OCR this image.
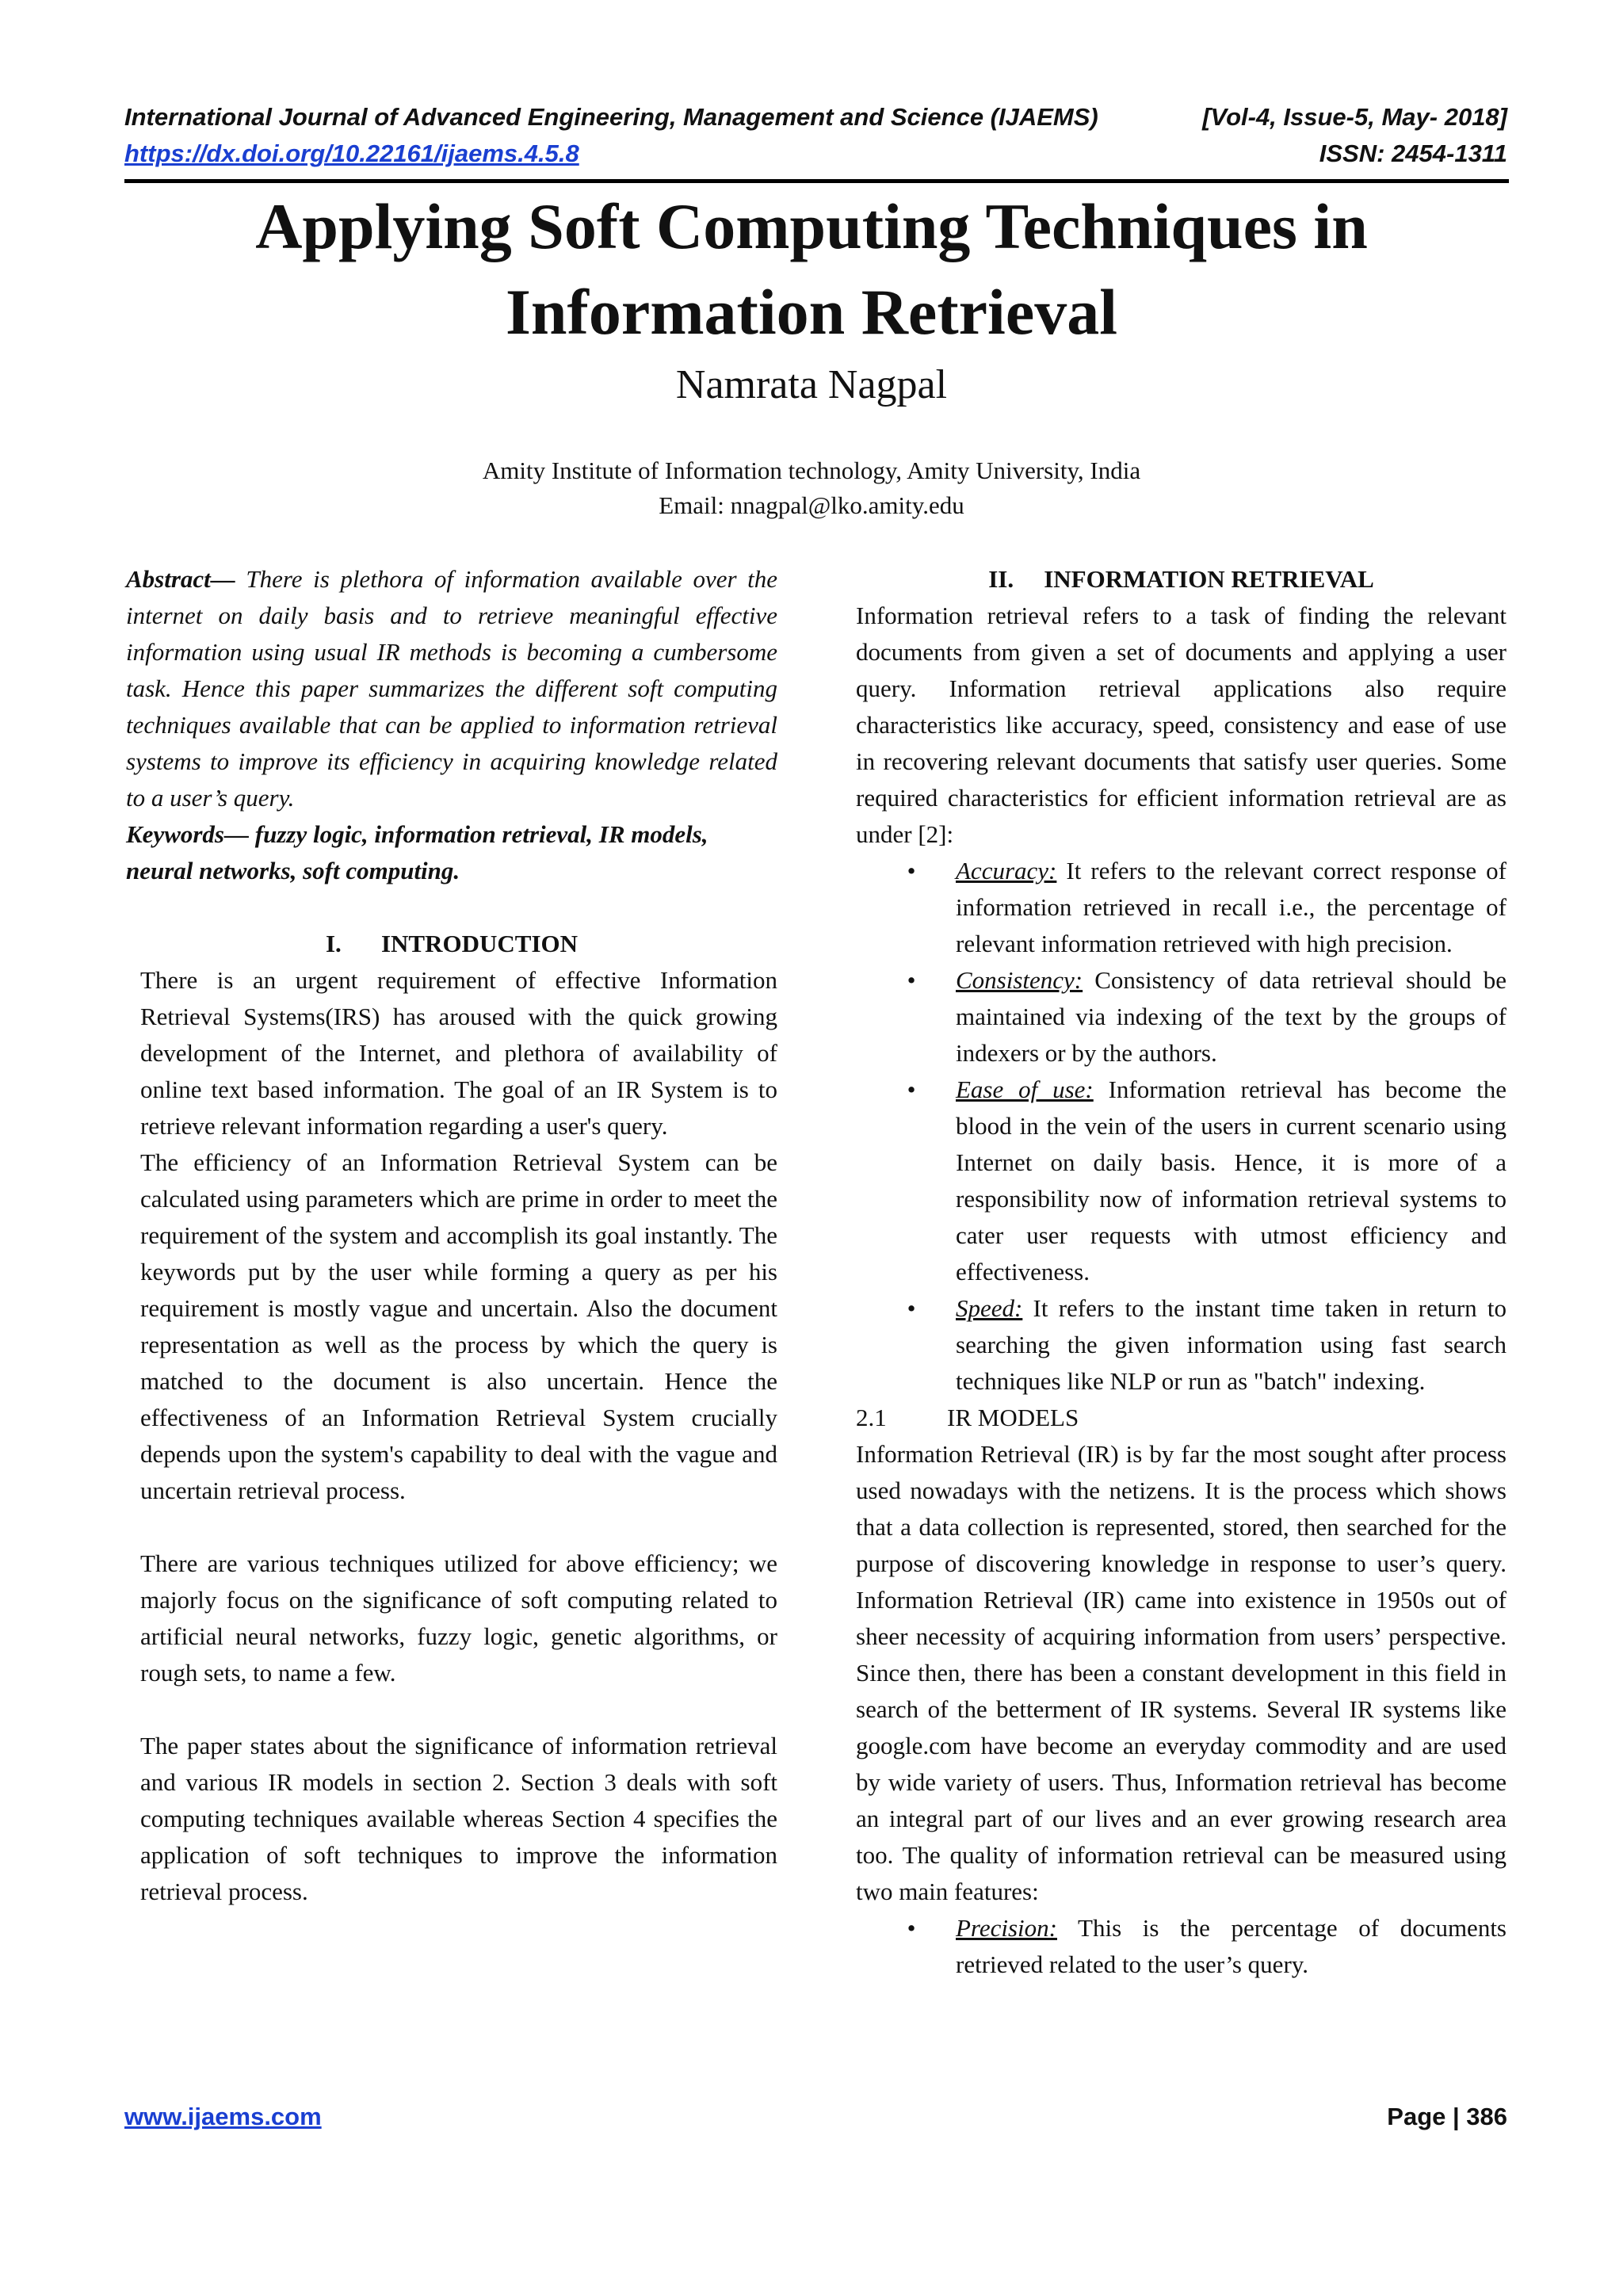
International Journal of Advanced Engineering, Management and Science (IJAEMS)	[Vol-4, Issue-5, May- 2018]
https://dx.doi.org/10.22161/ijaems.4.5.8	ISSN: 2454-1311
Applying Soft Computing Techniques in
Information Retrieval
Namrata Nagpal
Amity Institute of Information technology, Amity University, India
Email: nnagpal@lko.amity.edu

Abstract— There is plethora of information available over the internet on daily basis and to retrieve meaningful effective information using usual IR methods is becoming a cumbersome task. Hence this paper summarizes the different soft computing techniques available that can be applied to information retrieval systems to improve its efficiency in acquiring knowledge related to a user’s query.

Keywords— fuzzy logic, information retrieval, IR models, neural networks, soft computing.

I. INTRODUCTION

There is an urgent requirement of effective Information Retrieval Systems(IRS) has aroused with the quick growing development of the Internet, and plethora of availability of online text based information. The goal of an IR System is to retrieve relevant information regarding a user's query.

The efficiency of an Information Retrieval System can be calculated using parameters which are prime in order to meet the requirement of the system and accomplish its goal instantly. The keywords put by the user while forming a query as per his requirement is mostly vague and uncertain. Also the document representation as well as the process by which the query is matched to the document is also uncertain. Hence the effectiveness of an Information Retrieval System crucially depends upon the system's capability to deal with the vague and uncertain retrieval process.

There are various techniques utilized for above efficiency; we majorly focus on the significance of soft computing related to artificial neural networks, fuzzy logic, genetic algorithms, or rough sets, to name a few.

The paper states about the significance of information retrieval and various IR models in section 2. Section 3 deals with soft computing techniques available whereas Section 4 specifies the application of soft techniques to improve the information retrieval process.

II. INFORMATION RETRIEVAL

Information retrieval refers to a task of finding the relevant documents from given a set of documents and applying a user query. Information retrieval applications also require characteristics like accuracy, speed, consistency and ease of use in recovering relevant documents that satisfy user queries. Some required characteristics for efficient information retrieval are as under [2]:

• Accuracy: It refers to the relevant correct response of information retrieved in recall i.e., the percentage of relevant information retrieved with high precision.
• Consistency: Consistency of data retrieval should be maintained via indexing of the text by the groups of indexers or by the authors.
• Ease of use: Information retrieval has become the blood in the vein of the users in current scenario using Internet on daily basis. Hence, it is more of a responsibility now of information retrieval systems to cater user requests with utmost efficiency and effectiveness.
• Speed: It refers to the instant time taken in return to searching the given information using fast search techniques like NLP or run as "batch" indexing.

2.1 IR MODELS

Information Retrieval (IR) is by far the most sought after process used nowadays with the netizens. It is the process which shows that a data collection is represented, stored, then searched for the purpose of discovering knowledge in response to user’s query. Information Retrieval (IR) came into existence in 1950s out of sheer necessity of acquiring information from users’ perspective. Since then, there has been a constant development in this field in search of the betterment of IR systems. Several IR systems like google.com have become an everyday commodity and are used by wide variety of users. Thus, Information retrieval has become an integral part of our lives and an ever growing research area too. The quality of information retrieval can be measured using two main features:

• Precision: This is the percentage of documents retrieved related to the user’s query.
www.ijaems.com	Page | 386
